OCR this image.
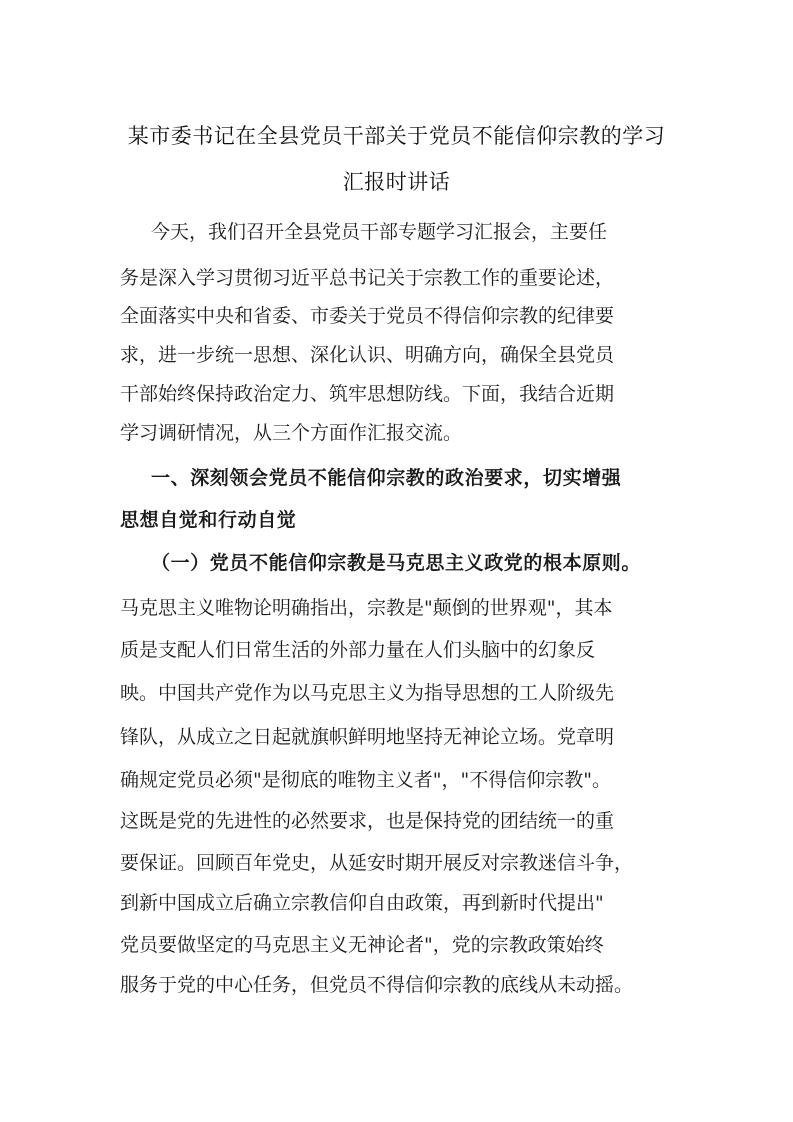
某市委书记在全县党员干部关于党员不能信仰宗教的学习
汇报时讲话
今天，我们召开全县党员干部专题学习汇报会，主要任
务是深入学习贯彻习近平总书记关于宗教工作的重要论述，
全面落实中央和省委、市委关于党员不得信仰宗教的纪律要
求，进一步统一思想、深化认识、明确方向，确保全县党员
干部始终保持政治定力、筑牢思想防线。下面，我结合近期
学习调研情况，从三个方面作汇报交流。
一、深刻领会党员不能信仰宗教的政治要求，切实增强
思想自觉和行动自觉
（一）党员不能信仰宗教是马克思主义政党的根本原则。
马克思主义唯物论明确指出，宗教是"颠倒的世界观"，其本
质是支配人们日常生活的外部力量在人们头脑中的幻象反
映。中国共产党作为以马克思主义为指导思想的工人阶级先
锋队，从成立之日起就旗帜鲜明地坚持无神论立场。党章明
确规定党员必须"是彻底的唯物主义者"，"不得信仰宗教"。
这既是党的先进性的必然要求，也是保持党的团结统一的重
要保证。回顾百年党史，从延安时期开展反对宗教迷信斗争，
到新中国成立后确立宗教信仰自由政策，再到新时代提出"
党员要做坚定的马克思主义无神论者"，党的宗教政策始终
服务于党的中心任务，但党员不得信仰宗教的底线从未动摇。
